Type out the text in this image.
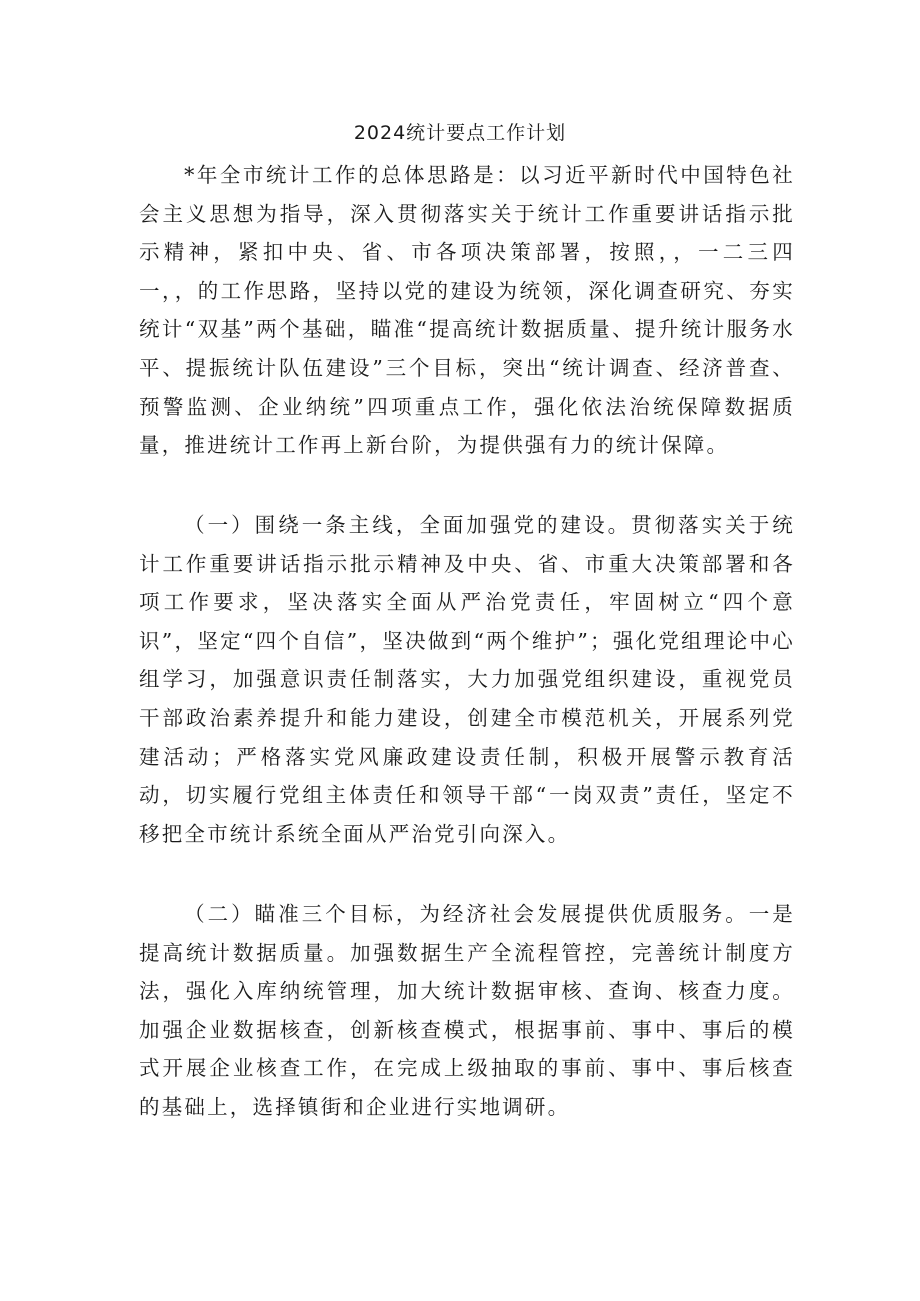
2024统计要点工作计划

*年全市统计工作的总体思路是：以习近平新时代中国特色社会主义思想为指导，深入贯彻落实关于统计工作重要讲话指示批示精神，紧扣中央、省、市各项决策部署，按照，，一二三四一，，的工作思路，坚持以党的建设为统领，深化调查研究、夯实统计“双基”两个基础，瞄准“提高统计数据质量、提升统计服务水平、提振统计队伍建设”三个目标，突出“统计调查、经济普查、预警监测、企业纳统”四项重点工作，强化依法治统保障数据质量，推进统计工作再上新台阶，为提供强有力的统计保障。

（一）围绕一条主线，全面加强党的建设。贯彻落实关于统计工作重要讲话指示批示精神及中央、省、市重大决策部署和各项工作要求，坚决落实全面从严治党责任，牢固树立“四个意识”，坚定“四个自信”，坚决做到“两个维护”；强化党组理论中心组学习，加强意识责任制落实，大力加强党组织建设，重视党员干部政治素养提升和能力建设，创建全市模范机关，开展系列党建活动；严格落实党风廉政建设责任制，积极开展警示教育活动，切实履行党组主体责任和领导干部“一岗双责”责任，坚定不移把全市统计系统全面从严治党引向深入。

（二）瞄准三个目标，为经济社会发展提供优质服务。一是提高统计数据质量。加强数据生产全流程管控，完善统计制度方法，强化入库纳统管理，加大统计数据审核、查询、核查力度。加强企业数据核查，创新核查模式，根据事前、事中、事后的模式开展企业核查工作，在完成上级抽取的事前、事中、事后核查的基础上，选择镇街和企业进行实地调研。
